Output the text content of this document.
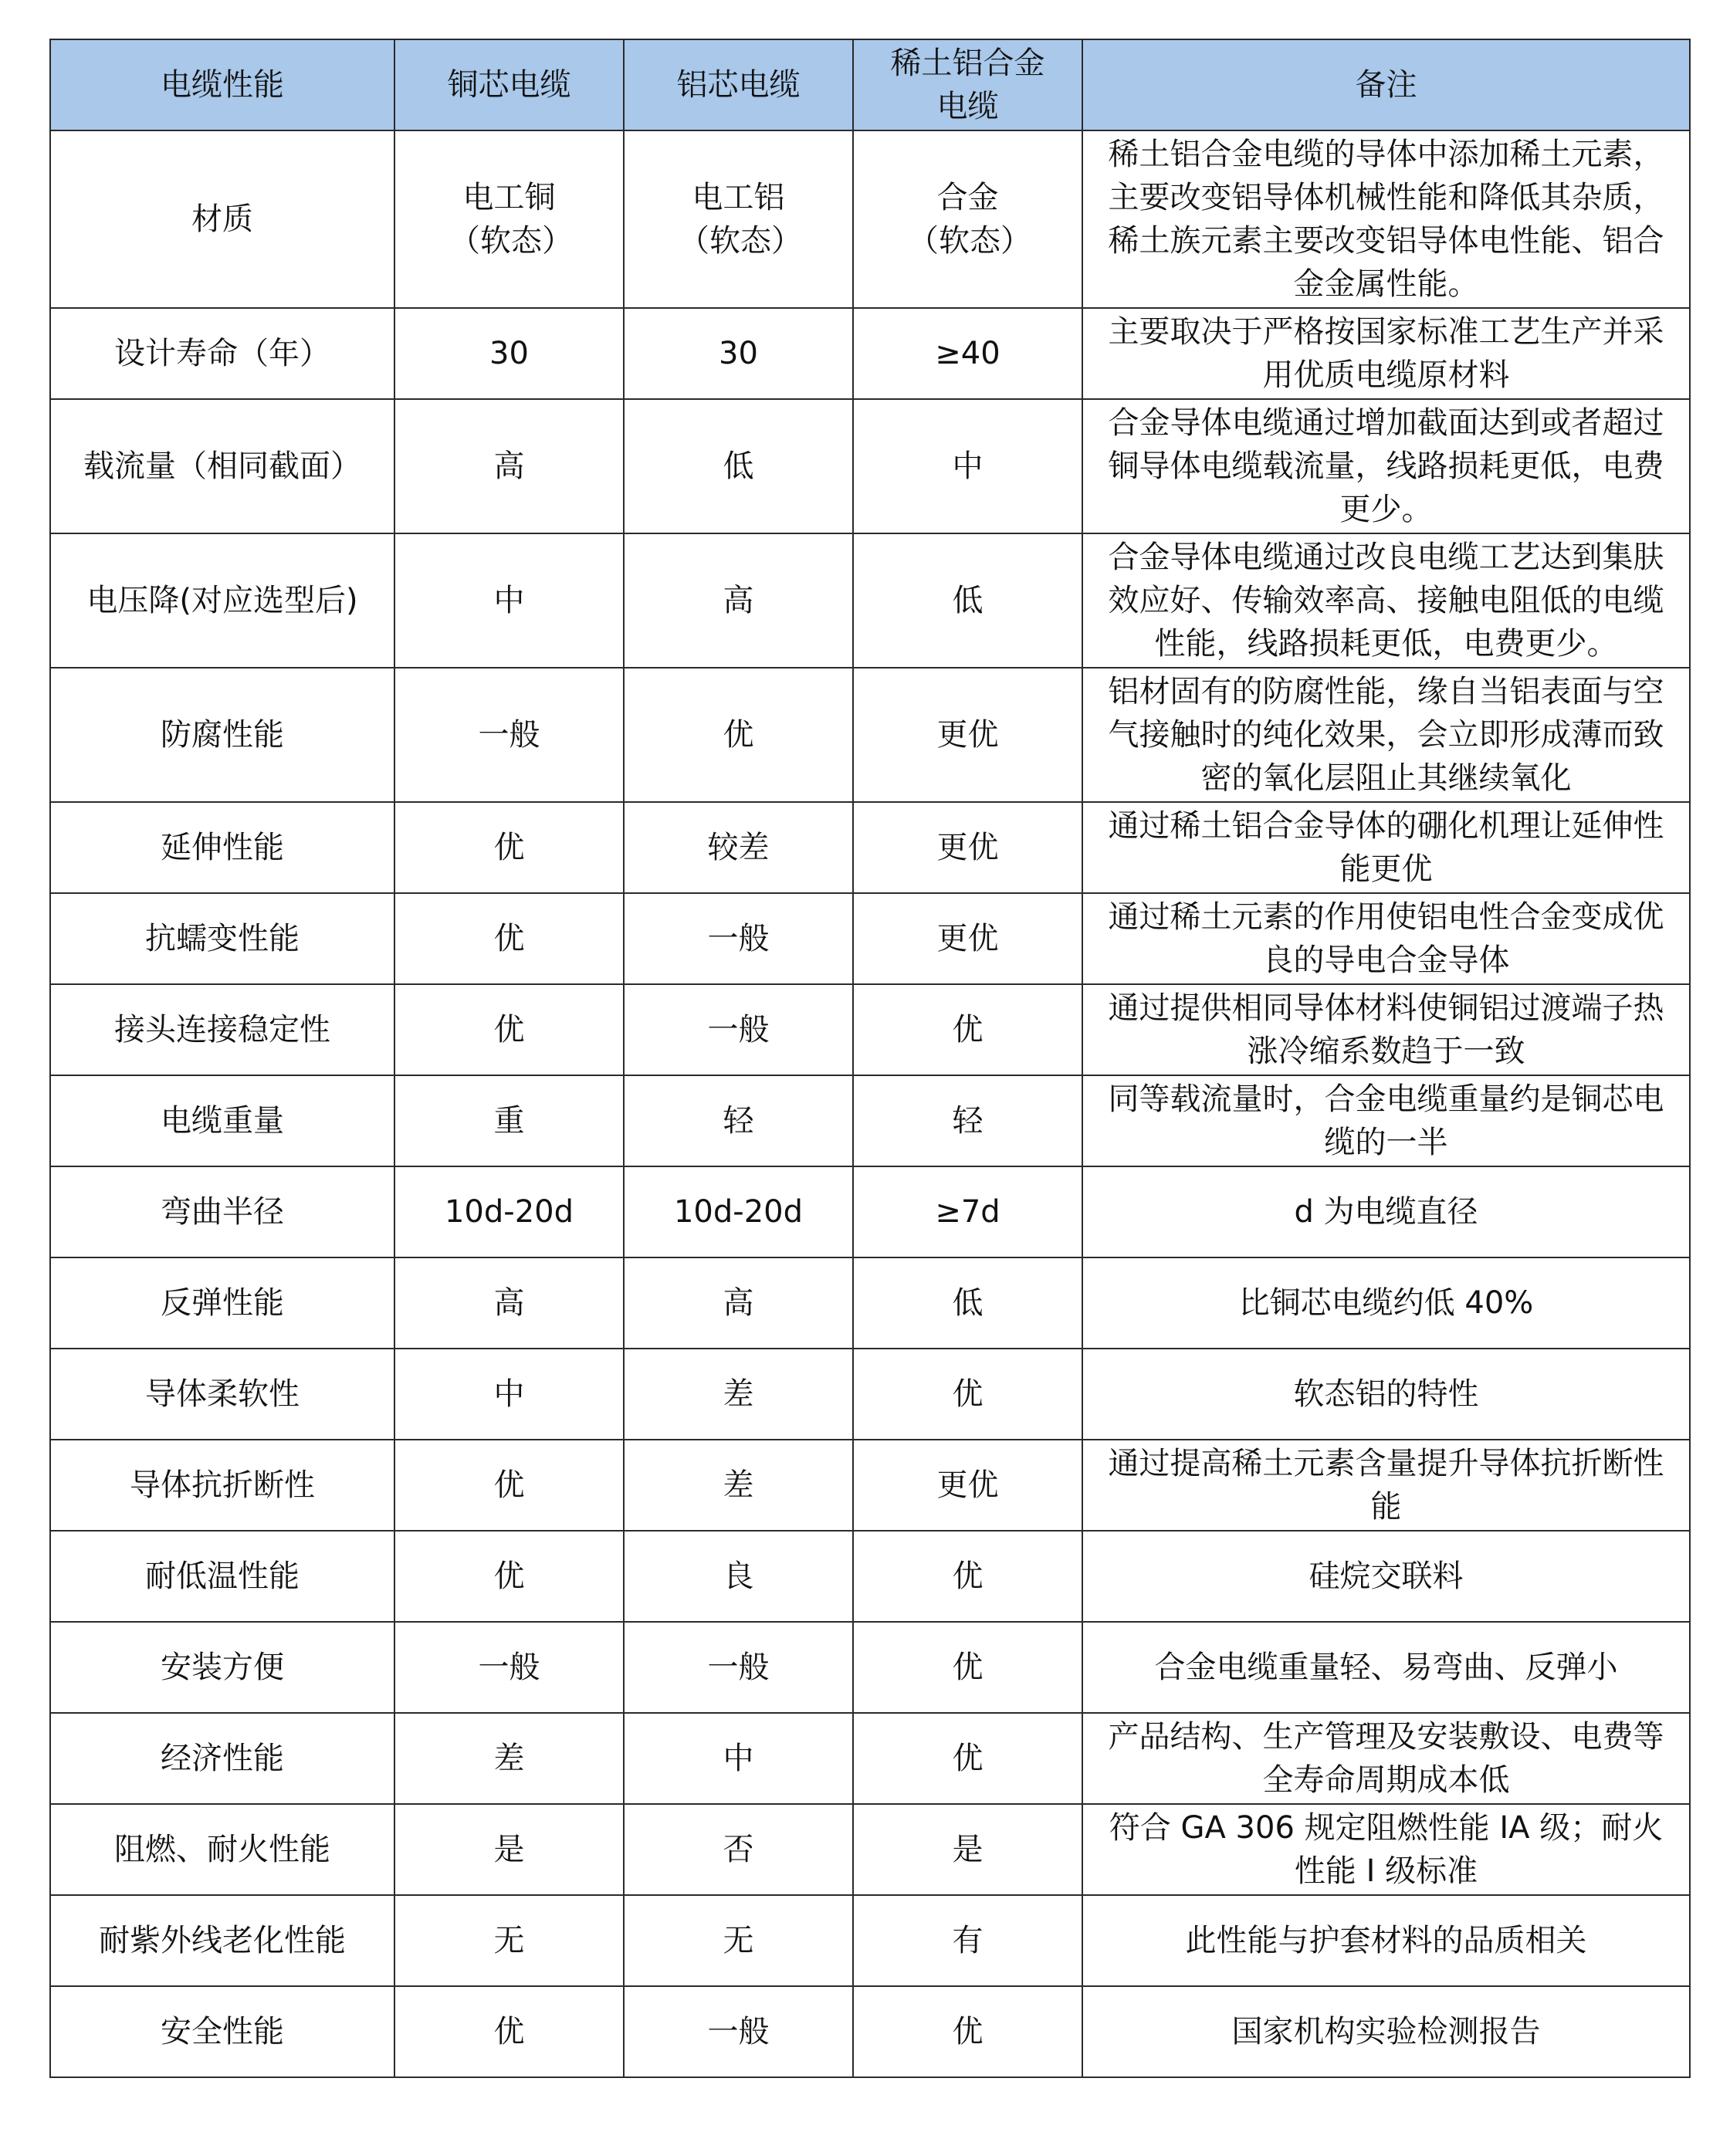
电缆性能	铜芯电缆	铝芯电缆	稀土铝合金电缆	备注
材质	电工铜（软态）	电工铝（软态）	合金（软态）	稀土铝合金电缆的导体中添加稀土元素，主要改变铝导体机械性能和降低其杂质，稀土族元素主要改变铝导体电性能、铝合金金属性能。
设计寿命（年）	30	30	≥40	主要取决于严格按国家标准工艺生产并采用优质电缆原材料
载流量（相同截面）	高	低	中	合金导体电缆通过增加截面达到或者超过铜导体电缆载流量，线路损耗更低，电费更少。
电压降(对应选型后)	中	高	低	合金导体电缆通过改良电缆工艺达到集肤效应好、传输效率高、接触电阻低的电缆性能，线路损耗更低，电费更少。
防腐性能	一般	优	更优	铝材固有的防腐性能，缘自当铝表面与空气接触时的纯化效果，会立即形成薄而致密的氧化层阻止其继续氧化
延伸性能	优	较差	更优	通过稀土铝合金导体的硼化机理让延伸性能更优
抗蠕变性能	优	一般	更优	通过稀土元素的作用使铝电性合金变成优良的导电合金导体
接头连接稳定性	优	一般	优	通过提供相同导体材料使铜铝过渡端子热涨冷缩系数趋于一致
电缆重量	重	轻	轻	同等载流量时，合金电缆重量约是铜芯电缆的一半
弯曲半径	10d-20d	10d-20d	≥7d	d 为电缆直径
反弹性能	高	高	低	比铜芯电缆约低 40%
导体柔软性	中	差	优	软态铝的特性
导体抗折断性	优	差	更优	通过提高稀土元素含量提升导体抗折断性能
耐低温性能	优	良	优	硅烷交联料
安装方便	一般	一般	优	合金电缆重量轻、易弯曲、反弹小
经济性能	差	中	优	产品结构、生产管理及安装敷设、电费等全寿命周期成本低
阻燃、耐火性能	是	否	是	符合 GA 306 规定阻燃性能 IA 级；耐火性能 I 级标准
耐紫外线老化性能	无	无	有	此性能与护套材料的品质相关
安全性能	优	一般	优	国家机构实验检测报告
